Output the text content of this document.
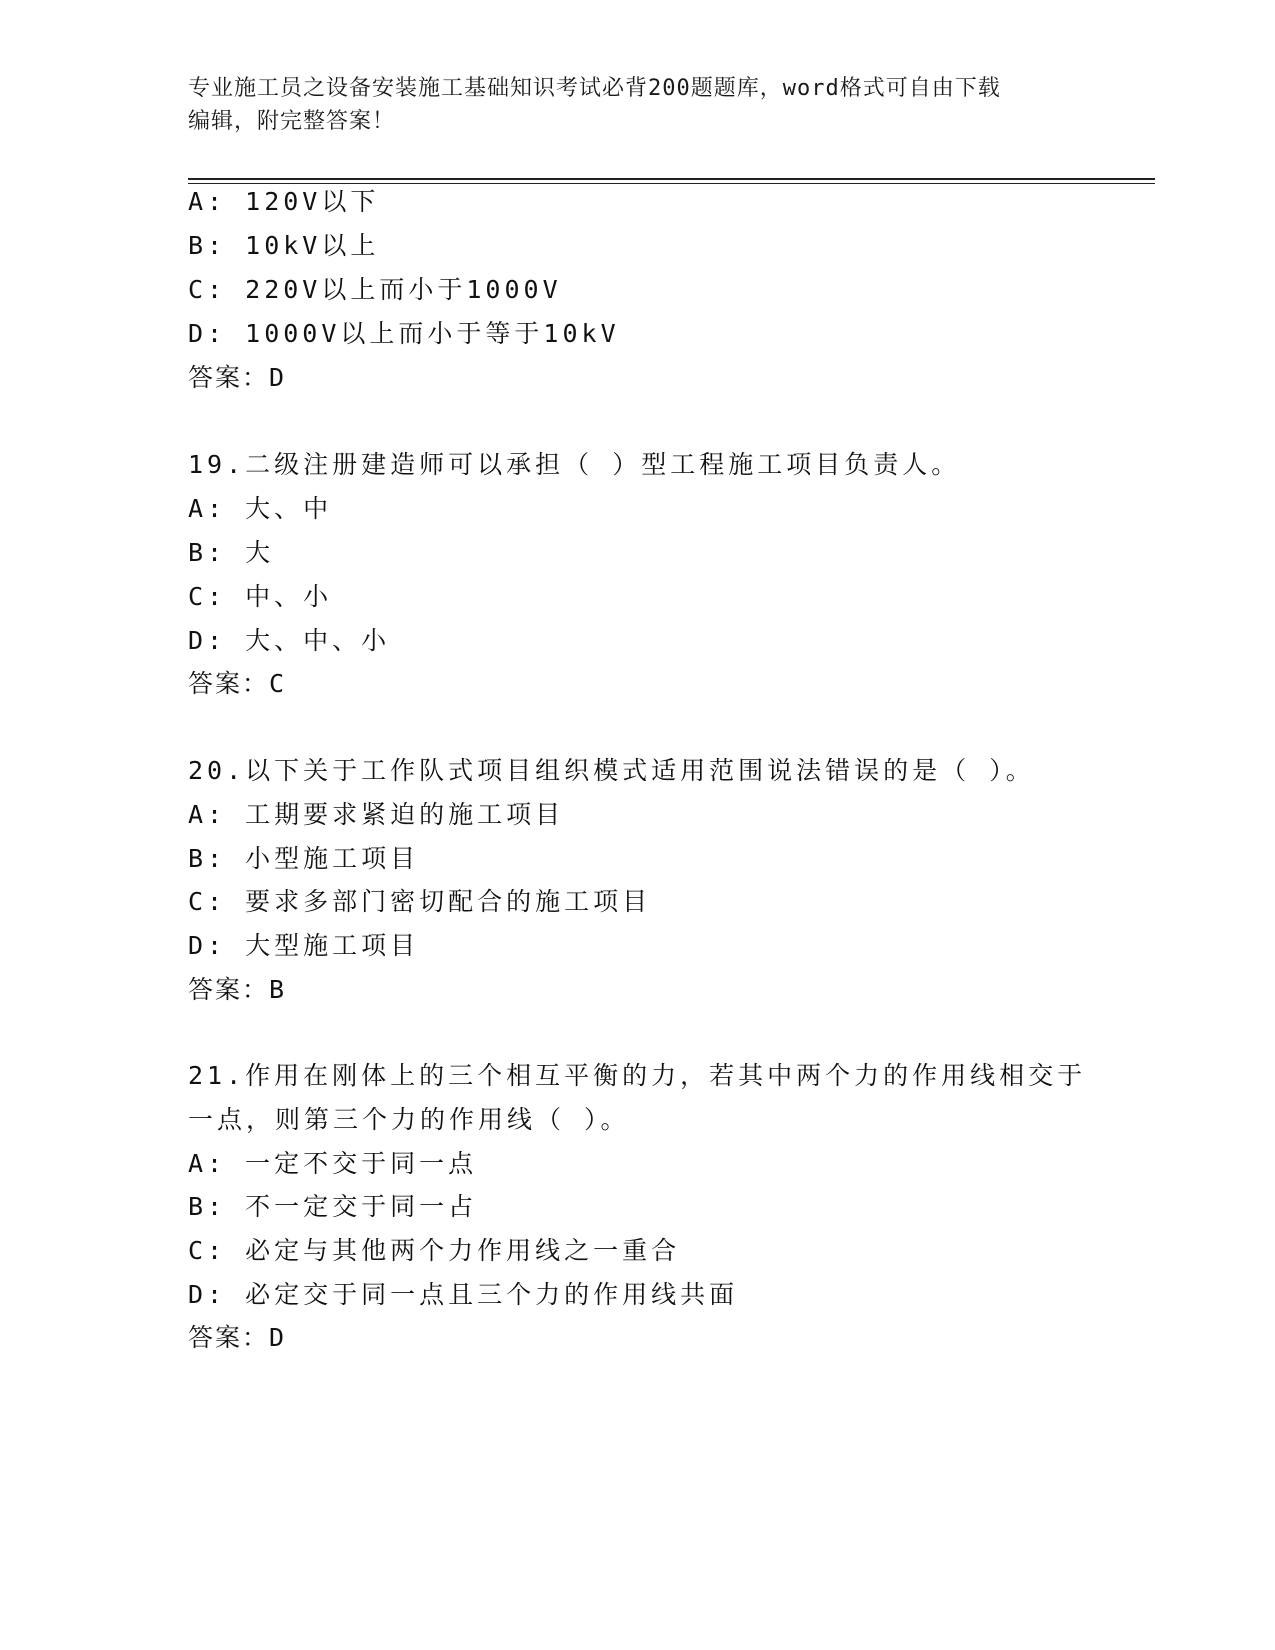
专业施工员之设备安装施工基础知识考试必背200题题库，word格式可自由下载
编辑，附完整答案！
A: 120V以下
B: 10kV以上
C: 220V以上而小于1000V
D: 1000V以上而小于等于10kV
答案：D
19.二级注册建造师可以承担（ ）型工程施工项目负责人。
A: 大、中
B: 大
C: 中、小
D: 大、中、小
答案：C
20.以下关于工作队式项目组织模式适用范围说法错误的是（ ）。
A: 工期要求紧迫的施工项目
B: 小型施工项目
C: 要求多部门密切配合的施工项目
D: 大型施工项目
答案：B
21.作用在刚体上的三个相互平衡的力，若其中两个力的作用线相交于
一点，则第三个力的作用线（ ）。
A: 一定不交于同一点
B: 不一定交于同一占
C: 必定与其他两个力作用线之一重合
D: 必定交于同一点且三个力的作用线共面
答案：D
